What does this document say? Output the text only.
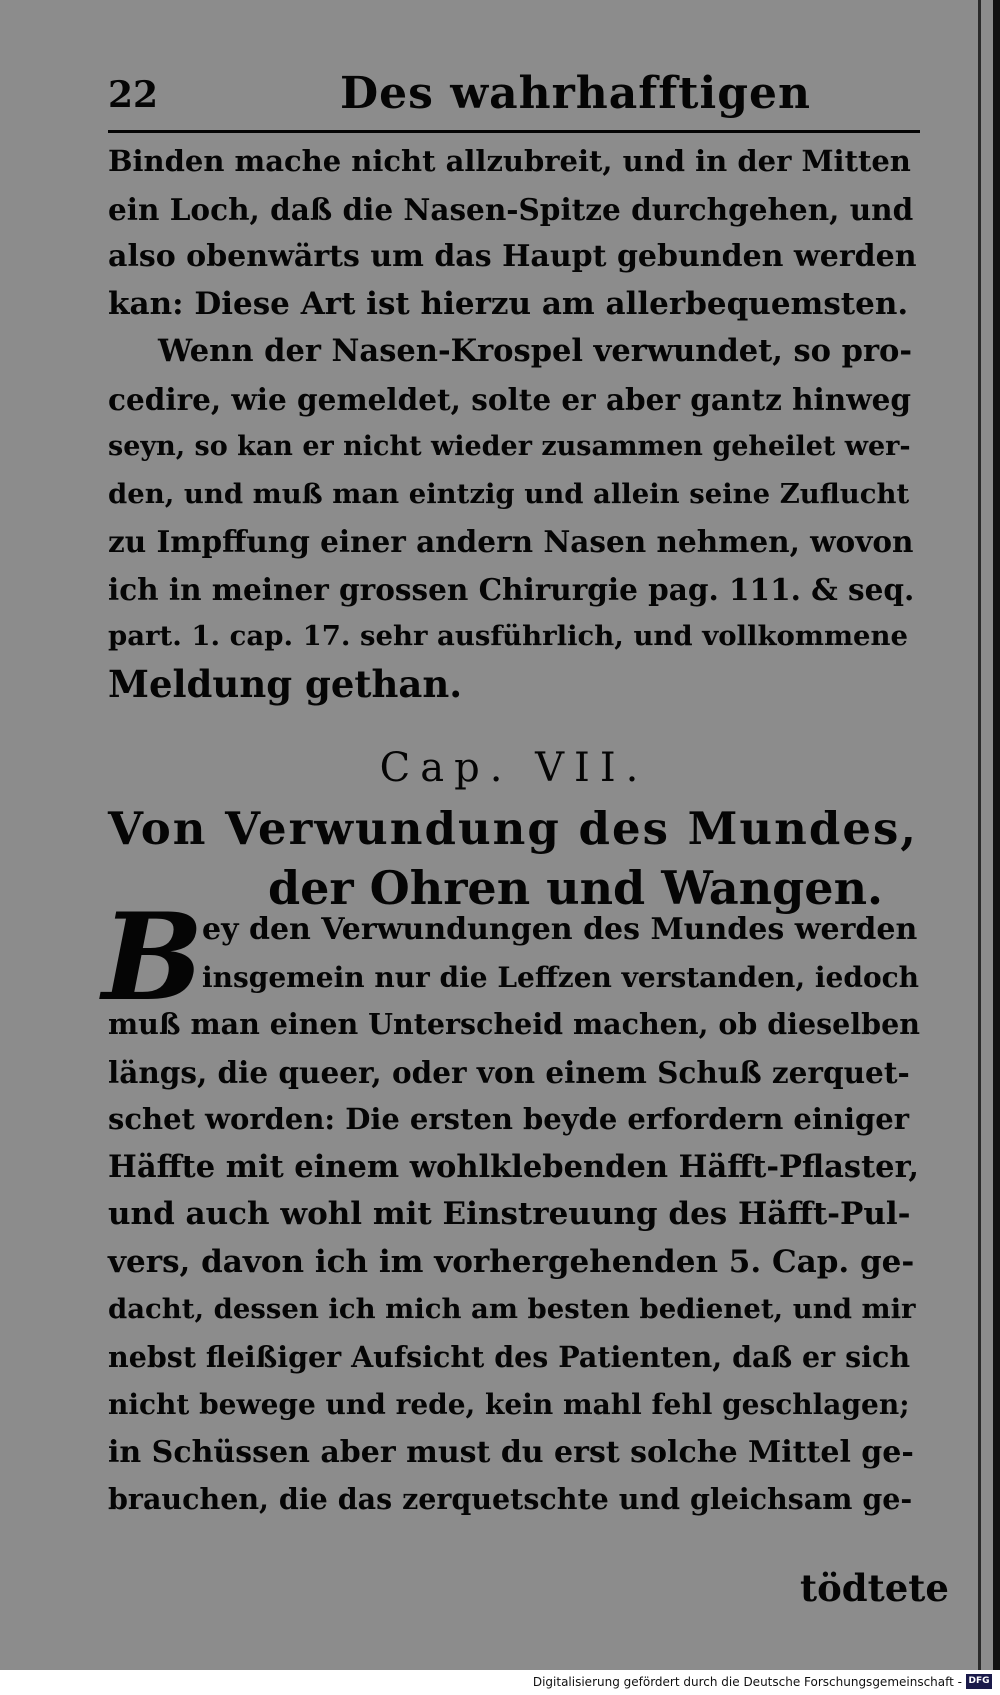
22	Des wahrhafftigen
Binden mache nicht allzubreit, und in der Mitten
ein Loch, daß die Nasen-Spitze durchgehen, und
also obenwärts um das Haupt gebunden werden
kan: Diese Art ist hierzu am allerbequemsten.
Wenn der Nasen-Krospel verwundet, so pro-
cedire, wie gemeldet, solte er aber gantz hinweg
seyn, so kan er nicht wieder zusammen geheilet wer-
den, und muß man eintzig und allein seine Zuflucht
zu Impffung einer andern Nasen nehmen, wovon
ich in meiner grossen Chirurgie pag. 111. & seq.
part. 1. cap. 17. sehr ausführlich, und vollkommene
Meldung gethan.
Cap. VII.
Von Verwundung des Mundes,
der Ohren und Wangen.
B
ey den Verwundungen des Mundes werden
insgemein nur die Leffzen verstanden, iedoch
muß man einen Unterscheid machen, ob dieselben
längs, die queer, oder von einem Schuß zerquet-
schet worden: Die ersten beyde erfordern einiger
Häffte mit einem wohlklebenden Häfft-Pflaster,
und auch wohl mit Einstreuung des Häfft-Pul-
vers, davon ich im vorhergehenden 5. Cap. ge-
dacht, dessen ich mich am besten bedienet, und mir
nebst fleißiger Aufsicht des Patienten, daß er sich
nicht bewege und rede, kein mahl fehl geschlagen;
in Schüssen aber must du erst solche Mittel ge-
brauchen, die das zerquetschte und gleichsam ge-
tödtete
Digitalisierung gefördert durch die Deutsche Forschungsgemeinschaft - DFG
